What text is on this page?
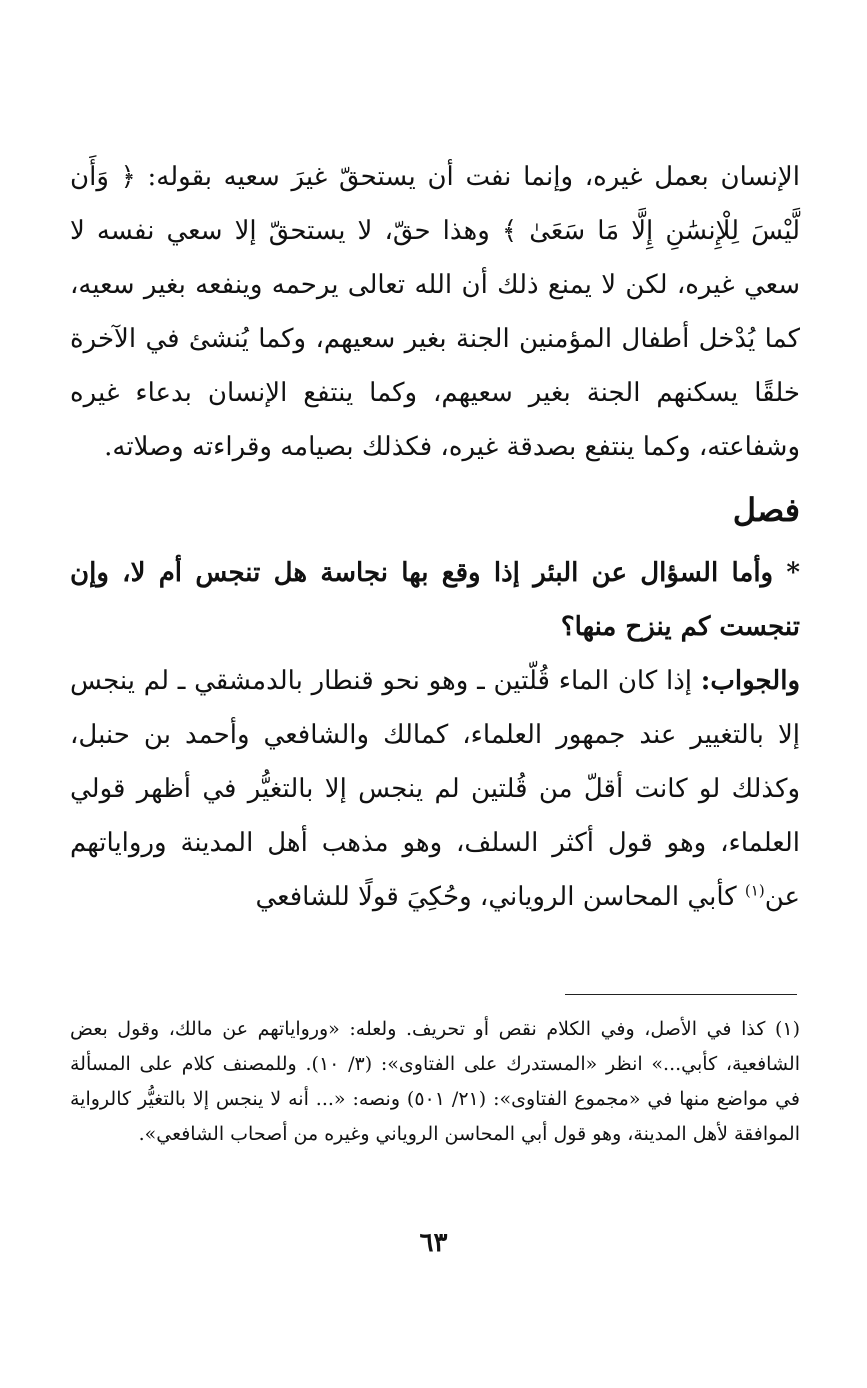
الإنسان بعمل غيره، وإنما نفت أن يستحقّ غيرَ سعيه بقوله: ﴿ وَأَن لَّيْسَ لِلْإِنسَٰنِ إِلَّا مَا سَعَىٰ ﴾ وهذا حقّ، لا يستحقّ إلا سعي نفسه لا سعي غيره، لكن لا يمنع ذلك أن الله تعالى يرحمه وينفعه بغير سعيه، كما يُدْخل أطفال المؤمنين الجنة بغير سعيهم، وكما يُنشئ في الآخرة خلقًا يسكنهم الجنة بغير سعيهم، وكما ينتفع الإنسان بدعاء غيره وشفاعته، وكما ينتفع بصدقة غيره، فكذلك بصيامه وقراءته وصلاته.

فصل

* وأما السؤال عن البئر إذا وقع بها نجاسة هل تنجس أم لا، وإن تنجست كم ينزح منها؟

والجواب: إذا كان الماء قُلّتين ـ وهو نحو قنطار بالدمشقي ـ لم ينجس إلا بالتغيير عند جمهور العلماء، كمالك والشافعي وأحمد بن حنبل، وكذلك لو كانت أقلّ من قُلتين لم ينجس إلا بالتغيُّر في أظهر قولي العلماء، وهو قول أكثر السلف، وهو مذهب أهل المدينة ورواياتهم عن$^{(١)}$ كأبي المحاسن الروياني، وحُكِيَ قولًا للشافعي

(١) كذا في الأصل، وفي الكلام نقص أو تحريف. ولعله: «ورواياتهم عن مالك، وقول بعض الشافعية، كأبي...» انظر «المستدرك على الفتاوى»: (٣/ ١٠). وللمصنف كلام على المسألة في مواضع منها في «مجموع الفتاوى»: (٢١/ ٥٠١) ونصه: «... أنه لا ينجس إلا بالتغيُّر كالرواية الموافقة لأهل المدينة، وهو قول أبي المحاسن الروياني وغيره من أصحاب الشافعي».

٦٣
